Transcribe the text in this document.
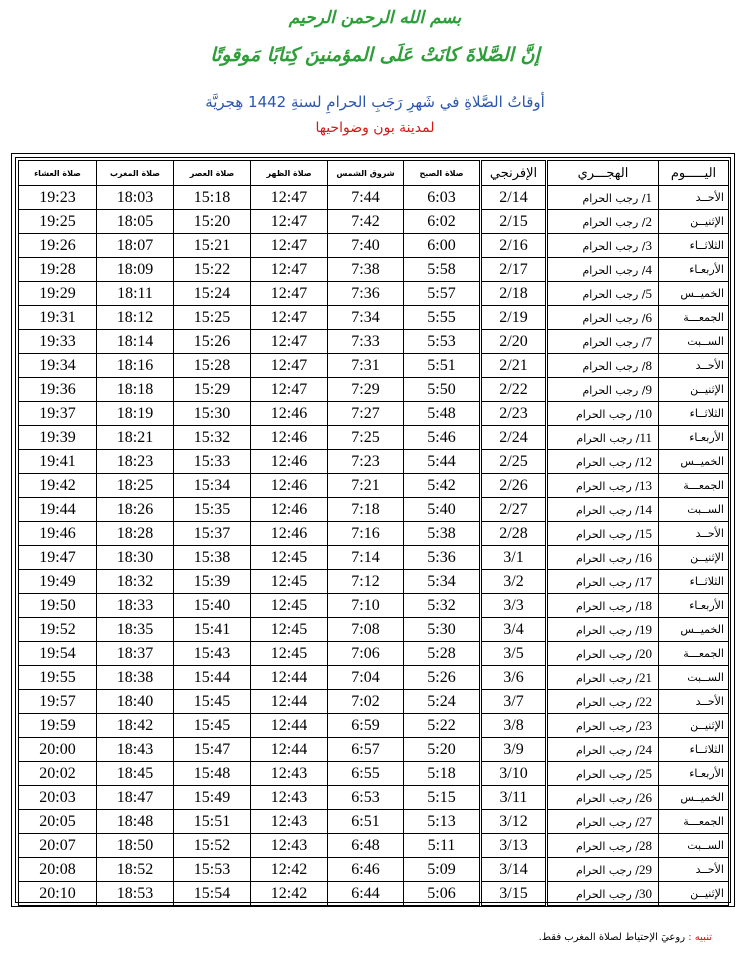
بسم الله الرحمن الرحيم
إنَّ الصَّلاةَ كانَتْ عَلَى المؤمنينَ كِتابًا مَوقوتًا
أوقاتُ الصَّلاةِ في شَهرِ رَجَبِ الحرامِ لسنةِ 1442 هِجريَّة
لمدينة بون وضواحيها
صلاة العشاء	صلاة المغرب	صلاة العصر	صلاة الظهر	شروق الشمس	صلاة الصبح	الإفرنجي	الهجـــري	اليـــــوم
19:23	18:03	15:18	12:47	7:44	6:03	2/14	1/ رجب الحرام	الأحــد
19:25	18:05	15:20	12:47	7:42	6:02	2/15	2/ رجب الحرام	الإثنيــن
19:26	18:07	15:21	12:47	7:40	6:00	2/16	3/ رجب الحرام	الثلاثــاء
19:28	18:09	15:22	12:47	7:38	5:58	2/17	4/ رجب الحرام	الأربعـاء
19:29	18:11	15:24	12:47	7:36	5:57	2/18	5/ رجب الحرام	الخميــس
19:31	18:12	15:25	12:47	7:34	5:55	2/19	6/ رجب الحرام	الجمعـــة
19:33	18:14	15:26	12:47	7:33	5:53	2/20	7/ رجب الحرام	الســبت
19:34	18:16	15:28	12:47	7:31	5:51	2/21	8/ رجب الحرام	الأحــد
19:36	18:18	15:29	12:47	7:29	5:50	2/22	9/ رجب الحرام	الإثنيــن
19:37	18:19	15:30	12:46	7:27	5:48	2/23	10/ رجب الحرام	الثلاثــاء
19:39	18:21	15:32	12:46	7:25	5:46	2/24	11/ رجب الحرام	الأربعـاء
19:41	18:23	15:33	12:46	7:23	5:44	2/25	12/ رجب الحرام	الخميــس
19:42	18:25	15:34	12:46	7:21	5:42	2/26	13/ رجب الحرام	الجمعـــة
19:44	18:26	15:35	12:46	7:18	5:40	2/27	14/ رجب الحرام	الســبت
19:46	18:28	15:37	12:46	7:16	5:38	2/28	15/ رجب الحرام	الأحــد
19:47	18:30	15:38	12:45	7:14	5:36	3/1	16/ رجب الحرام	الإثنيــن
19:49	18:32	15:39	12:45	7:12	5:34	3/2	17/ رجب الحرام	الثلاثــاء
19:50	18:33	15:40	12:45	7:10	5:32	3/3	18/ رجب الحرام	الأربعـاء
19:52	18:35	15:41	12:45	7:08	5:30	3/4	19/ رجب الحرام	الخميــس
19:54	18:37	15:43	12:45	7:06	5:28	3/5	20/ رجب الحرام	الجمعـــة
19:55	18:38	15:44	12:44	7:04	5:26	3/6	21/ رجب الحرام	الســبت
19:57	18:40	15:45	12:44	7:02	5:24	3/7	22/ رجب الحرام	الأحــد
19:59	18:42	15:45	12:44	6:59	5:22	3/8	23/ رجب الحرام	الإثنيــن
20:00	18:43	15:47	12:44	6:57	5:20	3/9	24/ رجب الحرام	الثلاثــاء
20:02	18:45	15:48	12:43	6:55	5:18	3/10	25/ رجب الحرام	الأربعـاء
20:03	18:47	15:49	12:43	6:53	5:15	3/11	26/ رجب الحرام	الخميــس
20:05	18:48	15:51	12:43	6:51	5:13	3/12	27/ رجب الحرام	الجمعـــة
20:07	18:50	15:52	12:43	6:48	5:11	3/13	28/ رجب الحرام	الســبت
20:08	18:52	15:53	12:42	6:46	5:09	3/14	29/ رجب الحرام	الأحــد
20:10	18:53	15:54	12:42	6:44	5:06	3/15	30/ رجب الحرام	الإثنيــن
تنبيه : روعيَ الإحتياط لصلاة المغرب فقط.
